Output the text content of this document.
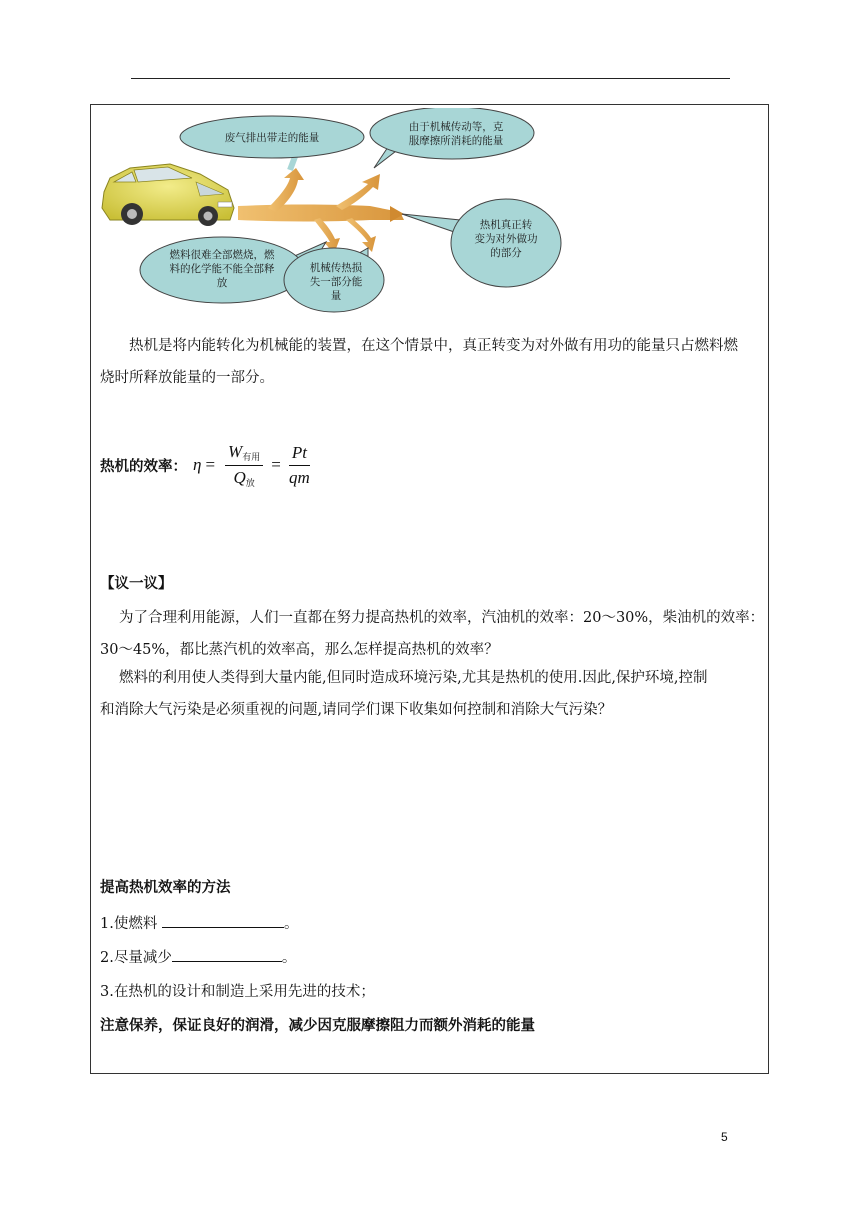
废气排出带走的能量
由于机械传动等，克服摩擦所消耗的能量
热机真正转变为对外做功的部分
燃料很难全部燃烧，燃料的化学能不能全部释放
机械传热损失一部分能量
热机是将内能转化为机械能的装置，在这个情景中，真正转变为对外做有用功的能量只占燃料燃
烧时所释放能量的一部分。
热机的效率： $\eta = \frac{W_{有用}}{Q_放} = \frac{Pt}{qm}$
【议一议】
为了合理利用能源，人们一直都在努力提高热机的效率，汽油机的效率：20～30%，柴油机的效率：
30～45%，都比蒸汽机的效率高，那么怎样提高热机的效率？
燃料的利用使人类得到大量内能,但同时造成环境污染,尤其是热机的使用.因此,保护环境,控制
和消除大气污染是必须重视的问题,请同学们课下收集如何控制和消除大气污染？
提高热机效率的方法
1.使燃料	。
2.尽量减少	。
3.在热机的设计和制造上采用先进的技术；
注意保养，保证良好的润滑，减少因克服摩擦阻力而额外消耗的能量
5
